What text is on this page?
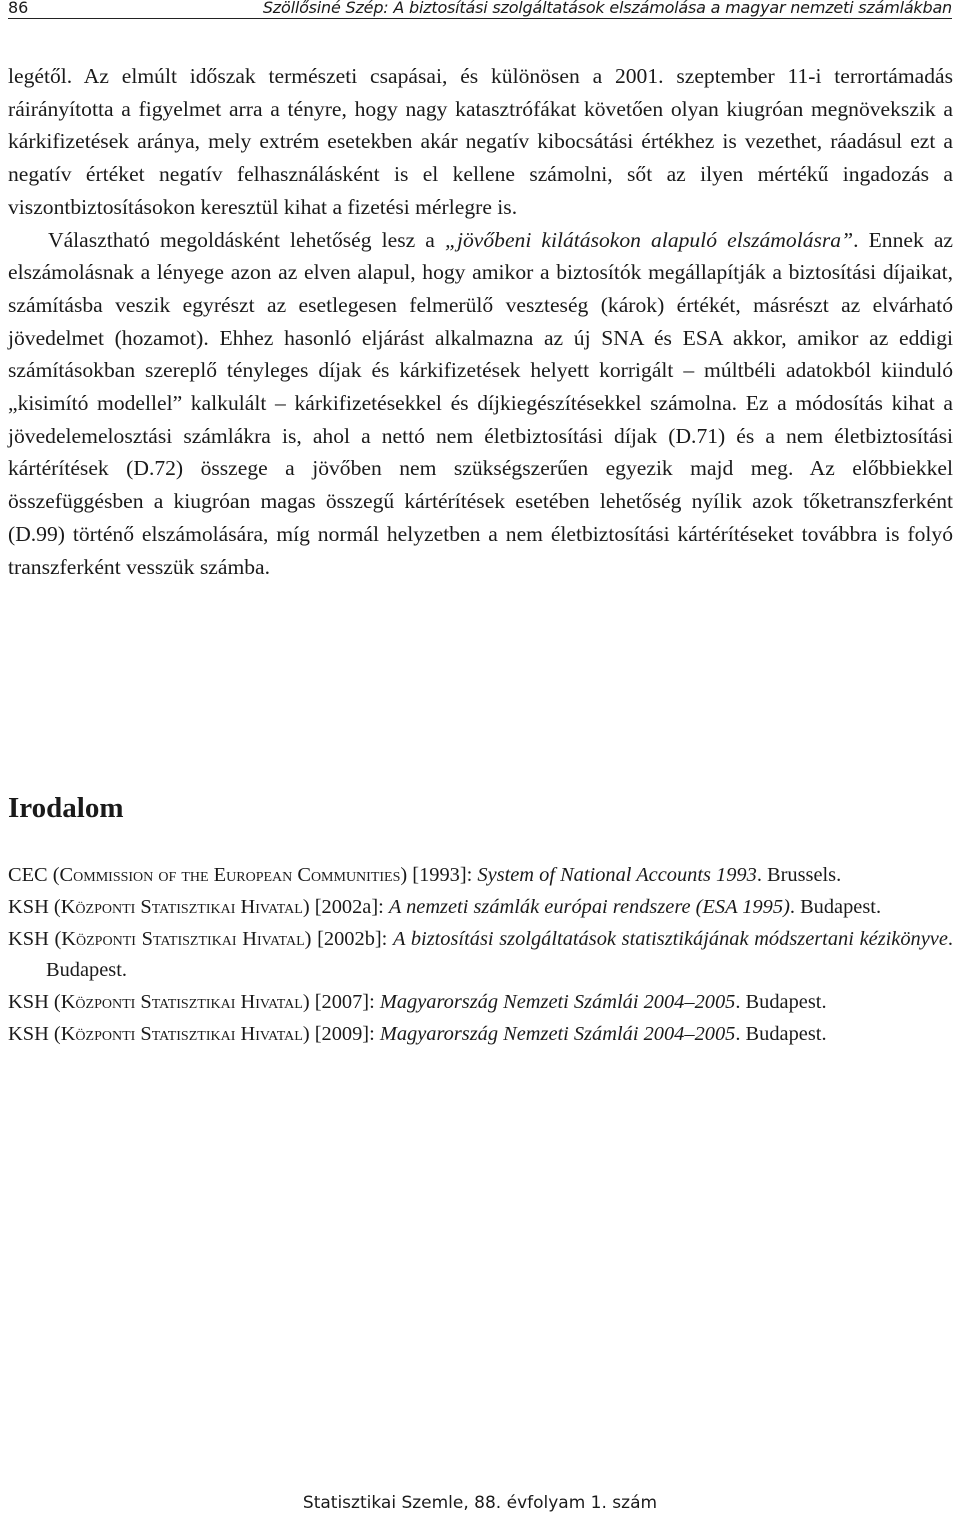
86	Szöllősiné Szép: A biztosítási szolgáltatások elszámolása a magyar nemzeti számlákban

legétől. Az elmúlt időszak természeti csapásai, és különösen a 2001. szeptember 11-i terrortámadás ráirányította a figyelmet arra a tényre, hogy nagy katasztrófákat követően olyan kiugróan megnövekszik a kárkifizetések aránya, mely extrém esetekben akár negatív kibocsátási értékhez is vezethet, ráadásul ezt a negatív értéket negatív felhasználásként is el kellene számolni, sőt az ilyen mértékű ingadozás a viszontbiztosításokon keresztül kihat a fizetési mérlegre is.

Választható megoldásként lehetőség lesz a „jövőbeni kilátásokon alapuló elszámolásra”. Ennek az elszámolásnak a lényege azon az elven alapul, hogy amikor a biztosítók megállapítják a biztosítási díjaikat, számításba veszik egyrészt az esetlegesen felmerülő veszteség (károk) értékét, másrészt az elvárható jövedelmet (hozamot). Ehhez hasonló eljárást alkalmazna az új SNA és ESA akkor, amikor az eddigi számításokban szereplő tényleges díjak és kárkifizetések helyett korrigált – múltbéli adatokból kiinduló „kisimító modellel” kalkulált – kárkifizetésekkel és díjkiegészítésekkel számolna. Ez a módosítás kihat a jövedelemelosztási számlákra is, ahol a nettó nem életbiztosítási díjak (D.71) és a nem életbiztosítási kártérítések (D.72) összege a jövőben nem szükségszerűen egyezik majd meg. Az előbbiekkel összefüggésben a kiugróan magas összegű kártérítések esetében lehetőség nyílik azok tőketranszferként (D.99) történő elszámolására, míg normál helyzetben a nem életbiztosítási kártérítéseket továbbra is folyó transzferként vesszük számba.

Irodalom

CEC (Commission of the European Communities) [1993]: System of National Accounts 1993. Brussels.

KSH (Központi Statisztikai Hivatal) [2002a]: A nemzeti számlák európai rendszere (ESA 1995). Budapest.

KSH (Központi Statisztikai Hivatal) [2002b]: A biztosítási szolgáltatások statisztikájának módszertani kézikönyve. Budapest.

KSH (Központi Statisztikai Hivatal) [2007]: Magyarország Nemzeti Számlái 2004–2005. Budapest.

KSH (Központi Statisztikai Hivatal) [2009]: Magyarország Nemzeti Számlái 2004–2005. Budapest.

Statisztikai Szemle, 88. évfolyam 1. szám
